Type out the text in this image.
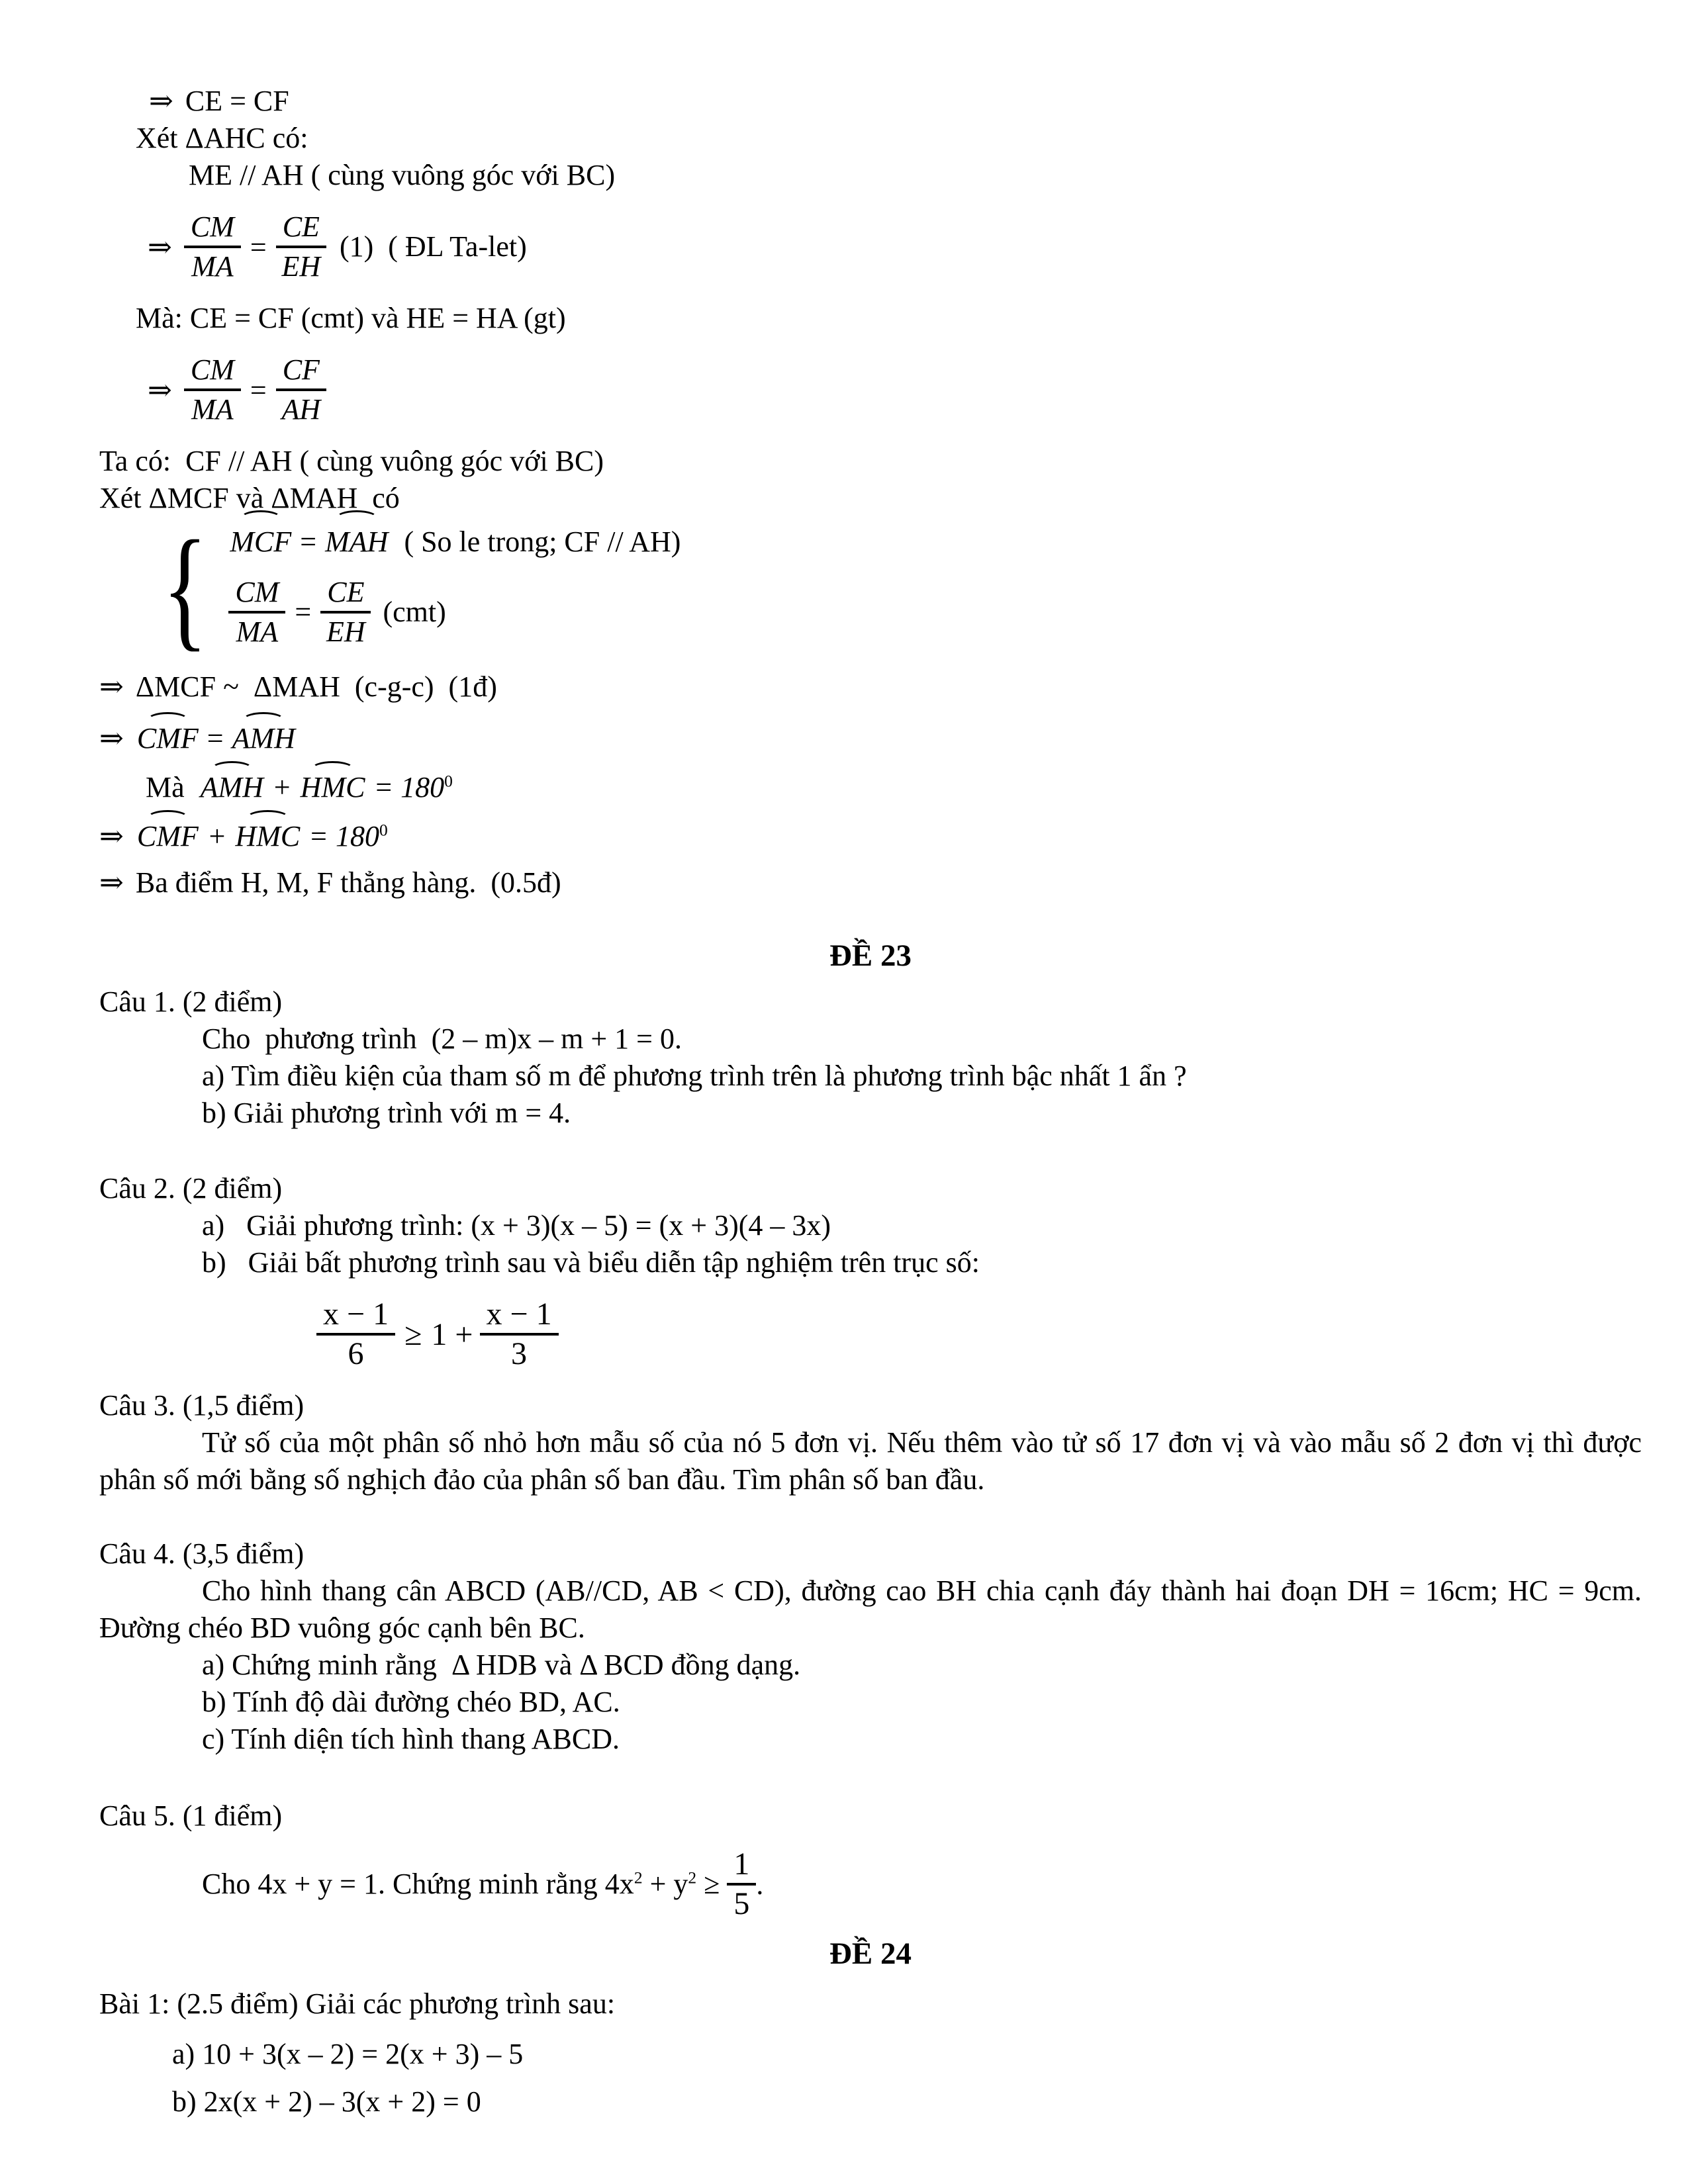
⇒ CE = CF
Xét ΔAHC có:
ME // AH ( cùng vuông góc với BC)
⇒ $\frac{CM}{MA} = \frac{CE}{EH} (1)$  ( ĐL Ta-let)
Mà: CE = CF (cmt) và HE = HA (gt)
⇒ $\frac{CM}{MA} = \frac{CF}{AH}$
Ta có:  CF // AH ( cùng vuông góc với BC)
Xét ΔMCF và ΔMAH  có
{ MCF = MAH  ( So le trong; CF // AH)
$\frac{CM}{MA} = \frac{CE}{EH} (cmt)$
⇒ ΔMCF ~  ΔMAH  (c-g-c)  (1đ)
⇒ CMF = AMH
Mà  AMH + HMC = $180^0$
⇒ CMF + HMC = $180^0$
⇒ Ba điểm H, M, F thẳng hàng.  (0.5đ)
ĐỀ 23
Câu 1. (2 điểm)
Cho  phương trình  (2 – m)x – m + 1 = 0.
a) Tìm điều kiện của tham số m để phương trình trên là phương trình bậc nhất 1 ẩn ?
b) Giải phương trình với m = 4.
Câu 2. (2 điểm)
a)   Giải phương trình: (x + 3)(x – 5) = (x + 3)(4 – 3x)
b)   Giải bất phương trình sau và biểu diễn tập nghiệm trên trục số:
$\frac{x - 1}{6} \ge 1 + \frac{x - 1}{3}$
Câu 3. (1,5 điểm)
Tử số của một phân số nhỏ hơn mẫu số của nó 5 đơn vị. Nếu thêm vào tử số 17 đơn vị và vào mẫu số 2 đơn vị thì được phân số mới bằng số nghịch đảo của phân số ban đầu. Tìm phân số ban đầu.
Câu 4. (3,5 điểm)
Cho hình thang cân ABCD (AB//CD, AB < CD), đường cao BH chia cạnh đáy thành hai đoạn DH = 16cm; HC = 9cm. Đường chéo BD vuông góc cạnh bên BC.
a) Chứng minh rằng  Δ HDB và Δ BCD đồng dạng.
b) Tính độ dài đường chéo BD, AC.
c) Tính diện tích hình thang ABCD.
Câu 5. (1 điểm)
Cho 4x + y = 1. Chứng minh rằng $4x^2 + y^2 \ge \frac{1}{5}$ .
ĐỀ 24
Bài 1: (2.5 điểm) Giải các phương trình sau:
a) 10 + 3(x – 2) = 2(x + 3) – 5
b) 2x(x + 2) – 3(x + 2) = 0
